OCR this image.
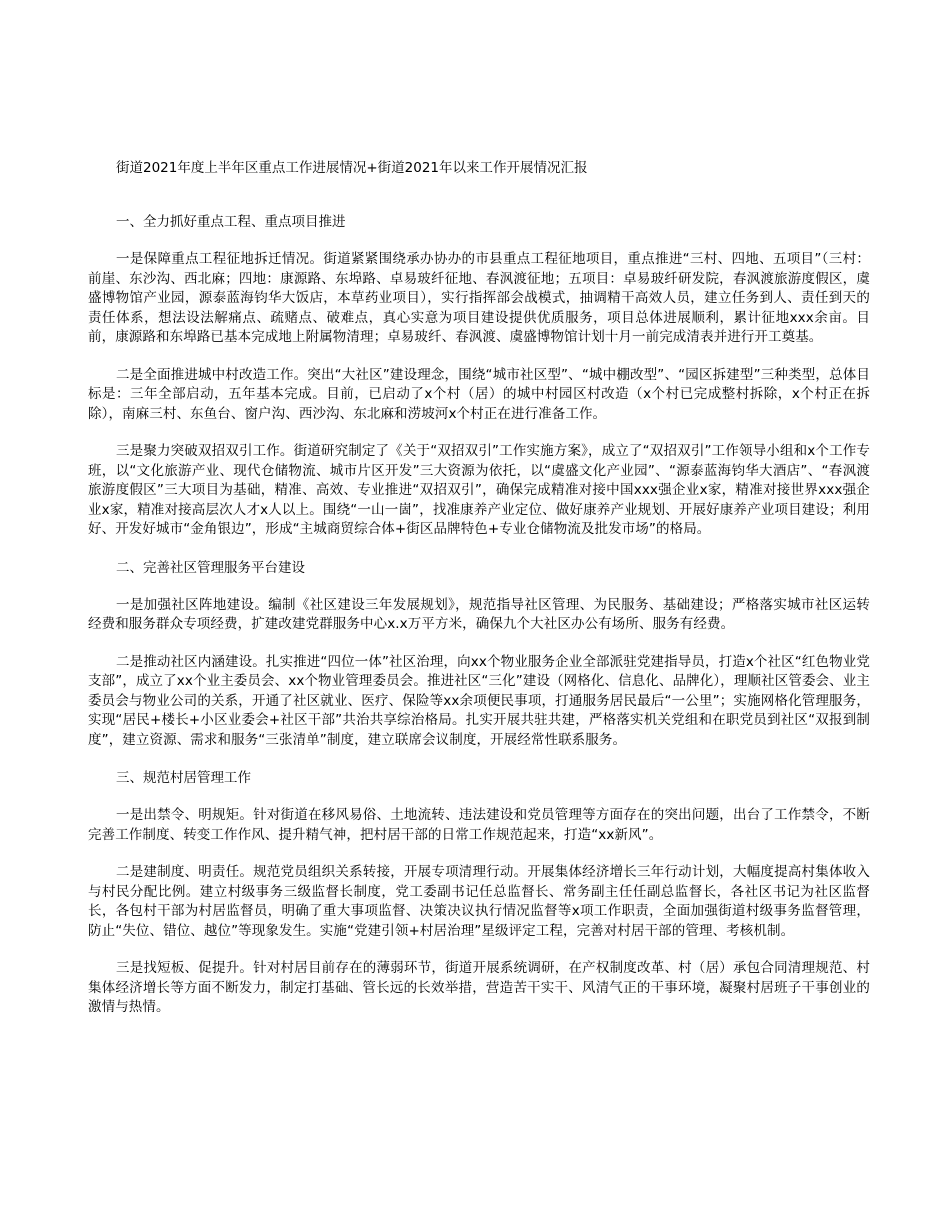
街道2021年度上半年区重点工作进展情况+街道2021年以来工作开展情况汇报
一、全力抓好重点工程、重点项目推进

一是保障重点工程征地拆迁情况。街道紧紧围绕承办协办的市县重点工程征地项目，重点推进“三村、四地、五项目”（三村：前崖、东沙沟、西北麻；四地：康源路、东埠路、卓易玻纤征地、春沨渡征地；五项目：卓易玻纤研发院，春沨渡旅游度假区，虞盛博物馆产业园，源泰蓝海钧华大饭店，本草药业项目），实行指挥部会战模式，抽调精干高效人员，建立任务到人、责任到天的责任体系，想法设法解痛点、疏赌点、破难点，真心实意为项目建设提供优质服务，项目总体进展顺利，累计征地xxx余亩。目前，康源路和东埠路已基本完成地上附属物清理；卓易玻纤、春沨渡、虞盛博物馆计划十月一前完成清表并进行开工奠基。

二是全面推进城中村改造工作。突出“大社区”建设理念，围绕“城市社区型”、“城中棚改型”、“园区拆建型”三种类型，总体目标是：三年全部启动，五年基本完成。目前，已启动了x个村（居）的城中村园区村改造（x个村已完成整村拆除，x个村正在拆除），南麻三村、东鱼台、窗户沟、西沙沟、东北麻和涝坡河x个村正在进行准备工作。

三是聚力突破双招双引工作。街道研究制定了《关于“双招双引”工作实施方案》，成立了“双招双引”工作领导小组和x个工作专班，以“文化旅游产业、现代仓储物流、城市片区开发”三大资源为依托，以“虞盛文化产业园”、“源泰蓝海钧华大酒店”、“春沨渡旅游度假区”三大项目为基础，精准、高效、专业推进“双招双引”，确保完成精准对接中国xxx强企业x家，精准对接世界xxx强企业x家，精准对接高层次人才x人以上。围绕“一山一崮”，找准康养产业定位、做好康养产业规划、开展好康养产业项目建设；利用好、开发好城市“金角银边”，形成“主城商贸综合体+街区品牌特色+专业仓储物流及批发市场”的格局。

二、完善社区管理服务平台建设

一是加强社区阵地建设。编制《社区建设三年发展规划》，规范指导社区管理、为民服务、基础建设；严格落实城市社区运转经费和服务群众专项经费，扩建改建党群服务中心x.x万平方米，确保九个大社区办公有场所、服务有经费。

二是推动社区内涵建设。扎实推进“四位一体”社区治理，向xx个物业服务企业全部派驻党建指导员，打造x个社区“红色物业党支部”，成立了xx个业主委员会、xx个物业管理委员会。推进社区“三化”建设（网格化、信息化、品牌化），理顺社区管委会、业主委员会与物业公司的关系，开通了社区就业、医疗、保险等xx余项便民事项，打通服务居民最后“一公里”；实施网格化管理服务，实现“居民+楼长+小区业委会+社区干部”共治共享综治格局。扎实开展共驻共建，严格落实机关党组和在职党员到社区“双报到制度”，建立资源、需求和服务“三张清单”制度，建立联席会议制度，开展经常性联系服务。

三、规范村居管理工作

一是出禁令、明规矩。针对街道在移风易俗、土地流转、违法建设和党员管理等方面存在的突出问题，出台了工作禁令，不断完善工作制度、转变工作作风、提升精气神，把村居干部的日常工作规范起来，打造“xx新风”。

二是建制度、明责任。规范党员组织关系转接，开展专项清理行动。开展集体经济增长三年行动计划，大幅度提高村集体收入与村民分配比例。建立村级事务三级监督长制度，党工委副书记任总监督长、常务副主任任副总监督长，各社区书记为社区监督长，各包村干部为村居监督员，明确了重大事项监督、决策决议执行情况监督等x项工作职责，全面加强街道村级事务监督管理，防止“失位、错位、越位”等现象发生。实施“党建引领+村居治理”星级评定工程，完善对村居干部的管理、考核机制。

三是找短板、促提升。针对村居目前存在的薄弱环节，街道开展系统调研，在产权制度改革、村（居）承包合同清理规范、村集体经济增长等方面不断发力，制定打基础、管长远的长效举措，营造苦干实干、风清气正的干事环境，凝聚村居班子干事创业的激情与热情。
